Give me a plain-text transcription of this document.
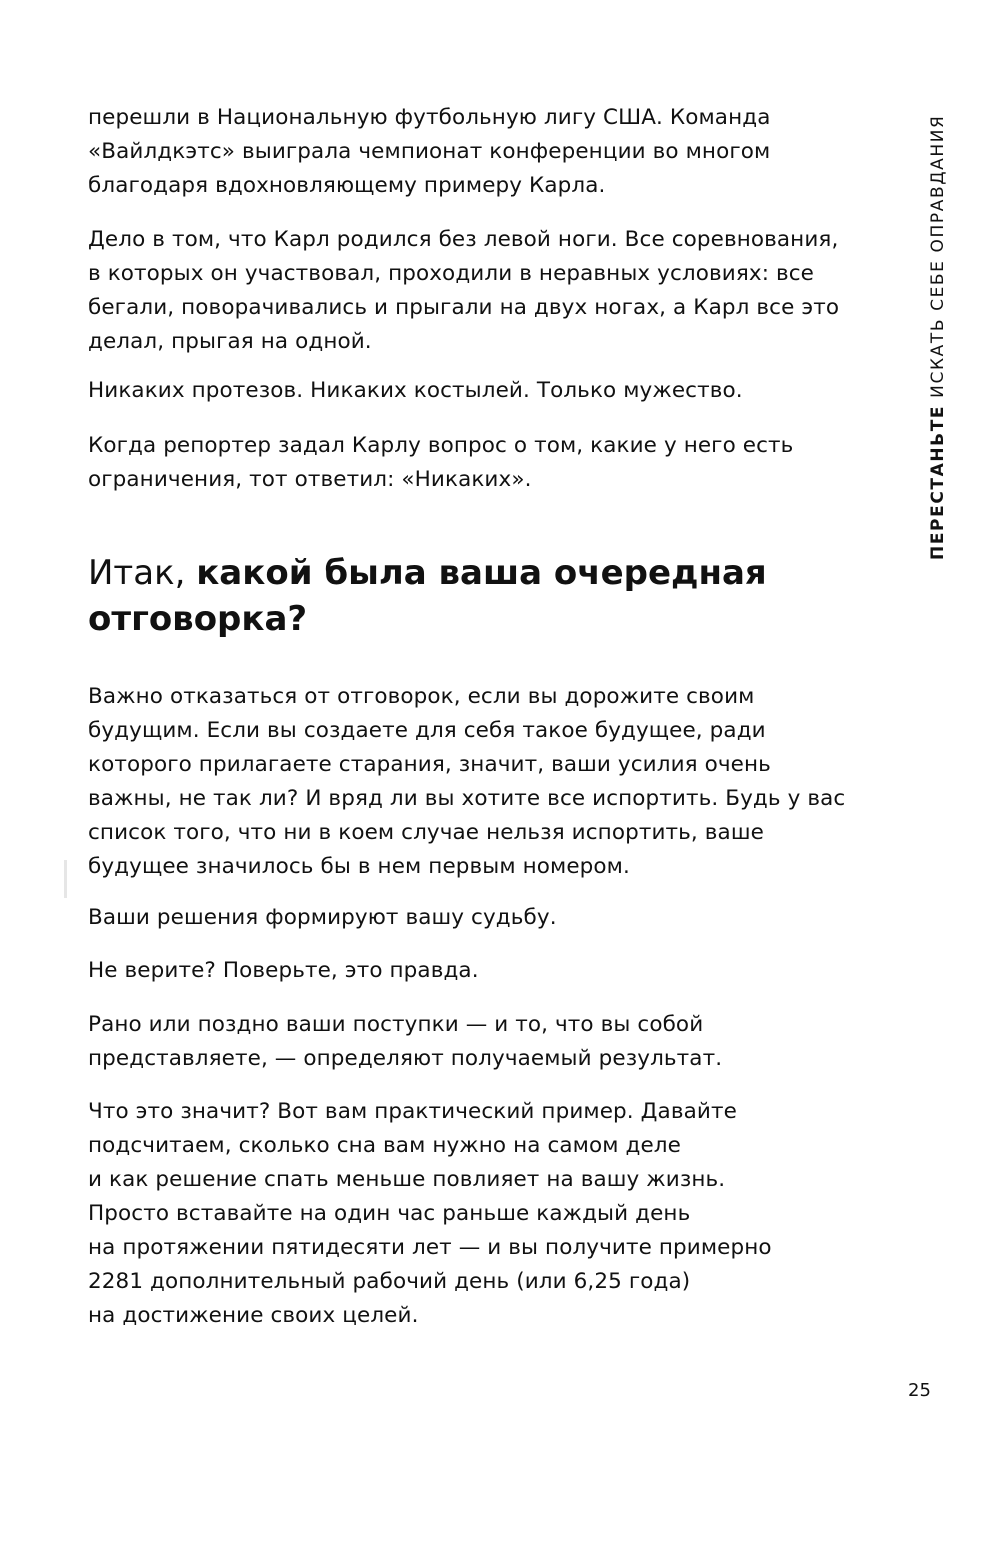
перешли в Национальную футбольную лигу США. Команда
«Вайлдкэтс» выиграла чемпионат конференции во многом
благодаря вдохновляющему примеру Карла.

Дело в том, что Карл родился без левой ноги. Все соревнования,
в которых он участвовал, проходили в неравных условиях: все
бегали, поворачивались и прыгали на двух ногах, а Карл все это
делал, прыгая на одной.

Никаких протезов. Никаких костылей. Только мужество.

Когда репортер задал Карлу вопрос о том, какие у него есть
ограничения, тот ответил: «Никаких».

Итак, какой была ваша очередная
отговорка?

Важно отказаться от отговорок, если вы дорожите своим
будущим. Если вы создаете для себя такое будущее, ради
которого прилагаете старания, значит, ваши усилия очень
важны, не так ли? И вряд ли вы хотите все испортить. Будь у вас
список того, что ни в коем случае нельзя испортить, ваше
будущее значилось бы в нем первым номером.

Ваши решения формируют вашу судьбу.

Не верите? Поверьте, это правда.

Рано или поздно ваши поступки — и то, что вы собой
представляете, — определяют получаемый результат.

Что это значит? Вот вам практический пример. Давайте
подсчитаем, сколько сна вам нужно на самом деле
и как решение спать меньше повлияет на вашу жизнь.
Просто вставайте на один час раньше каждый день
на протяжении пятидесяти лет — и вы получите примерно
2281 дополнительный рабочий день (или 6,25 года)
на достижение своих целей.

ПЕРЕСТАНЬТЕ ИСКАТЬ СЕБЕ ОПРАВДАНИЯ
25
